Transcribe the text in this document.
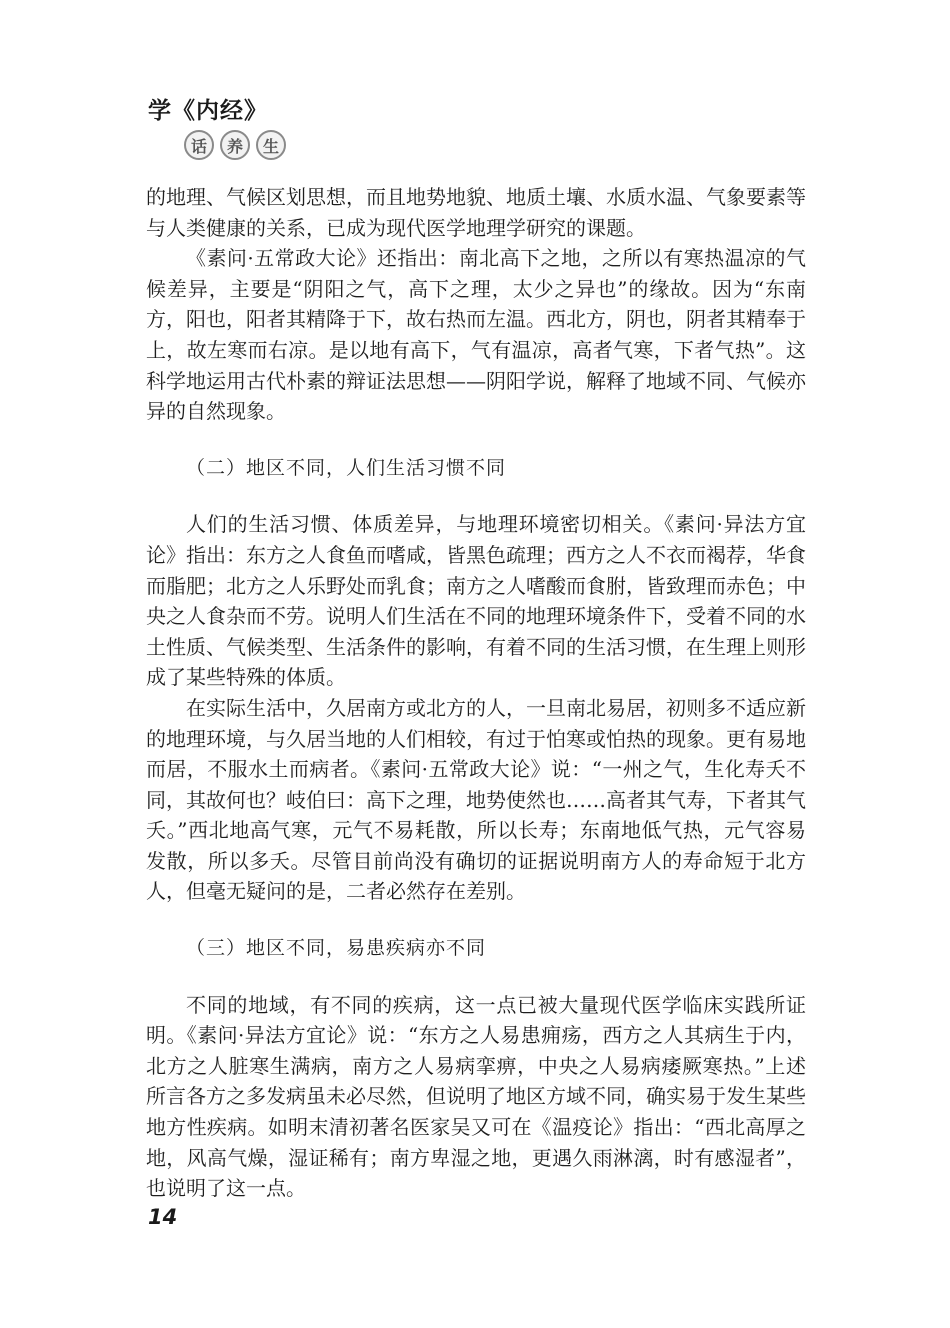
学《内经》
话	养	生

的地理、气候区划思想，而且地势地貌、地质土壤、水质水温、气象要素等与人类健康的关系，已成为现代医学地理学研究的课题。

《素问·五常政大论》还指出：南北高下之地，之所以有寒热温凉的气候差异，主要是“阴阳之气，高下之理，太少之异也”的缘故。因为“东南方，阳也，阳者其精降于下，故右热而左温。西北方，阴也，阴者其精奉于上，故左寒而右凉。是以地有高下，气有温凉，高者气寒，下者气热”。这科学地运用古代朴素的辩证法思想——阴阳学说，解释了地域不同、气候亦异的自然现象。

（二）地区不同，人们生活习惯不同

人们的生活习惯、体质差异，与地理环境密切相关。《素问·异法方宜论》指出：东方之人食鱼而嗜咸，皆黑色疏理；西方之人不衣而褐荐，华食而脂肥；北方之人乐野处而乳食；南方之人嗜酸而食胕，皆致理而赤色；中央之人食杂而不劳。说明人们生活在不同的地理环境条件下，受着不同的水土性质、气候类型、生活条件的影响，有着不同的生活习惯，在生理上则形成了某些特殊的体质。

在实际生活中，久居南方或北方的人，一旦南北易居，初则多不适应新的地理环境，与久居当地的人们相较，有过于怕寒或怕热的现象。更有易地而居，不服水土而病者。《素问·五常政大论》说：“一州之气，生化寿夭不同，其故何也？岐伯曰：高下之理，地势使然也……高者其气寿，下者其气夭。”西北地高气寒，元气不易耗散，所以长寿；东南地低气热，元气容易发散，所以多夭。尽管目前尚没有确切的证据说明南方人的寿命短于北方人，但毫无疑问的是，二者必然存在差别。

（三）地区不同，易患疾病亦不同

不同的地域，有不同的疾病，这一点已被大量现代医学临床实践所证明。《素问·异法方宜论》说：“东方之人易患痈疡，西方之人其病生于内，北方之人脏寒生满病，南方之人易病挛痹，中央之人易病痿厥寒热。”上述所言各方之多发病虽未必尽然，但说明了地区方域不同，确实易于发生某些地方性疾病。如明末清初著名医家吴又可在《温疫论》指出：“西北高厚之地，风高气燥，湿证稀有；南方卑湿之地，更遇久雨淋漓，时有感湿者”，也说明了这一点。

14
